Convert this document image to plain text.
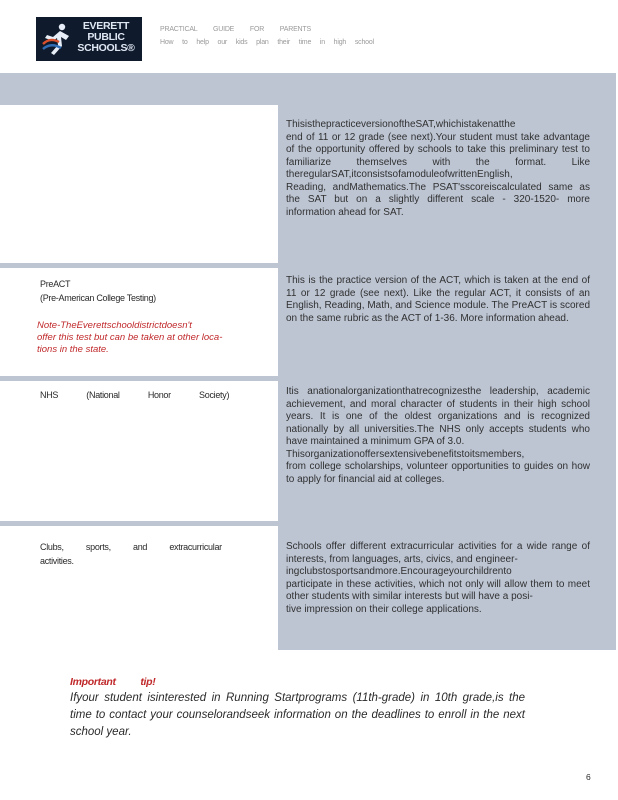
EVERETT PUBLIC SCHOOLS®
PRACTICAL GUIDE FOR PARENTS
How to help our kids plan their time in high school
ThisisthepracticeversionoftheSAT,whichistakenatthe
end of 11 or 12 grade (see next).Your student must take advantage of the opportunity offered by schools to take this preliminary test to familiarize themselves with the format. Like theregularSAT,itconsistsofamoduleofwrittenEnglish,
Reading, andMathematics.The PSAT'sscoreiscalculated same as the SAT but on a slightly different scale - 320-1520- more information ahead for SAT.
PreACT
(Pre-American College Testing)
Note-TheEverettschooldistrictdoesn't
offer this test but can be taken at other loca-
tions in the state.
This is the practice version of the ACT, which is taken at the end of 11 or 12 grade (see next). Like the regular ACT, it consists of an English, Reading, Math, and Science module. The PreACT is scored on the same rubric as the ACT of 1-36. More information ahead.
NHS (National Honor Society)	Itis anationalorganizationthatrecognizesthe leadership, academic achievement, and moral character of students in their high school years. It is one of the oldest organizations and is recognized nationally by all universities.The NHS only accepts students who have maintained a minimum GPA of 3.0.
Thisorganizationoffersextensivebenefitstoitsmembers,
from college scholarships, volunteer opportunities to guides on how to apply for financial aid at colleges.
Clubs, sports, and extracurricular
activities.
Schools offer different extracurricular activities for a wide range of interests, from languages, arts, civics, and engineer-
ingclubstosportsandmore.Encourageyourchildrento
participate in these activities, which not only will allow them to meet other students with similar interests but will have a posi-
tive impression on their college applications.
Important tip!
Ifyour student isinterested in Running Startprograms (11th-grade) in 10th grade,is the time to contact your counselorandseek information on the deadlines to enroll in the next school year.
6
